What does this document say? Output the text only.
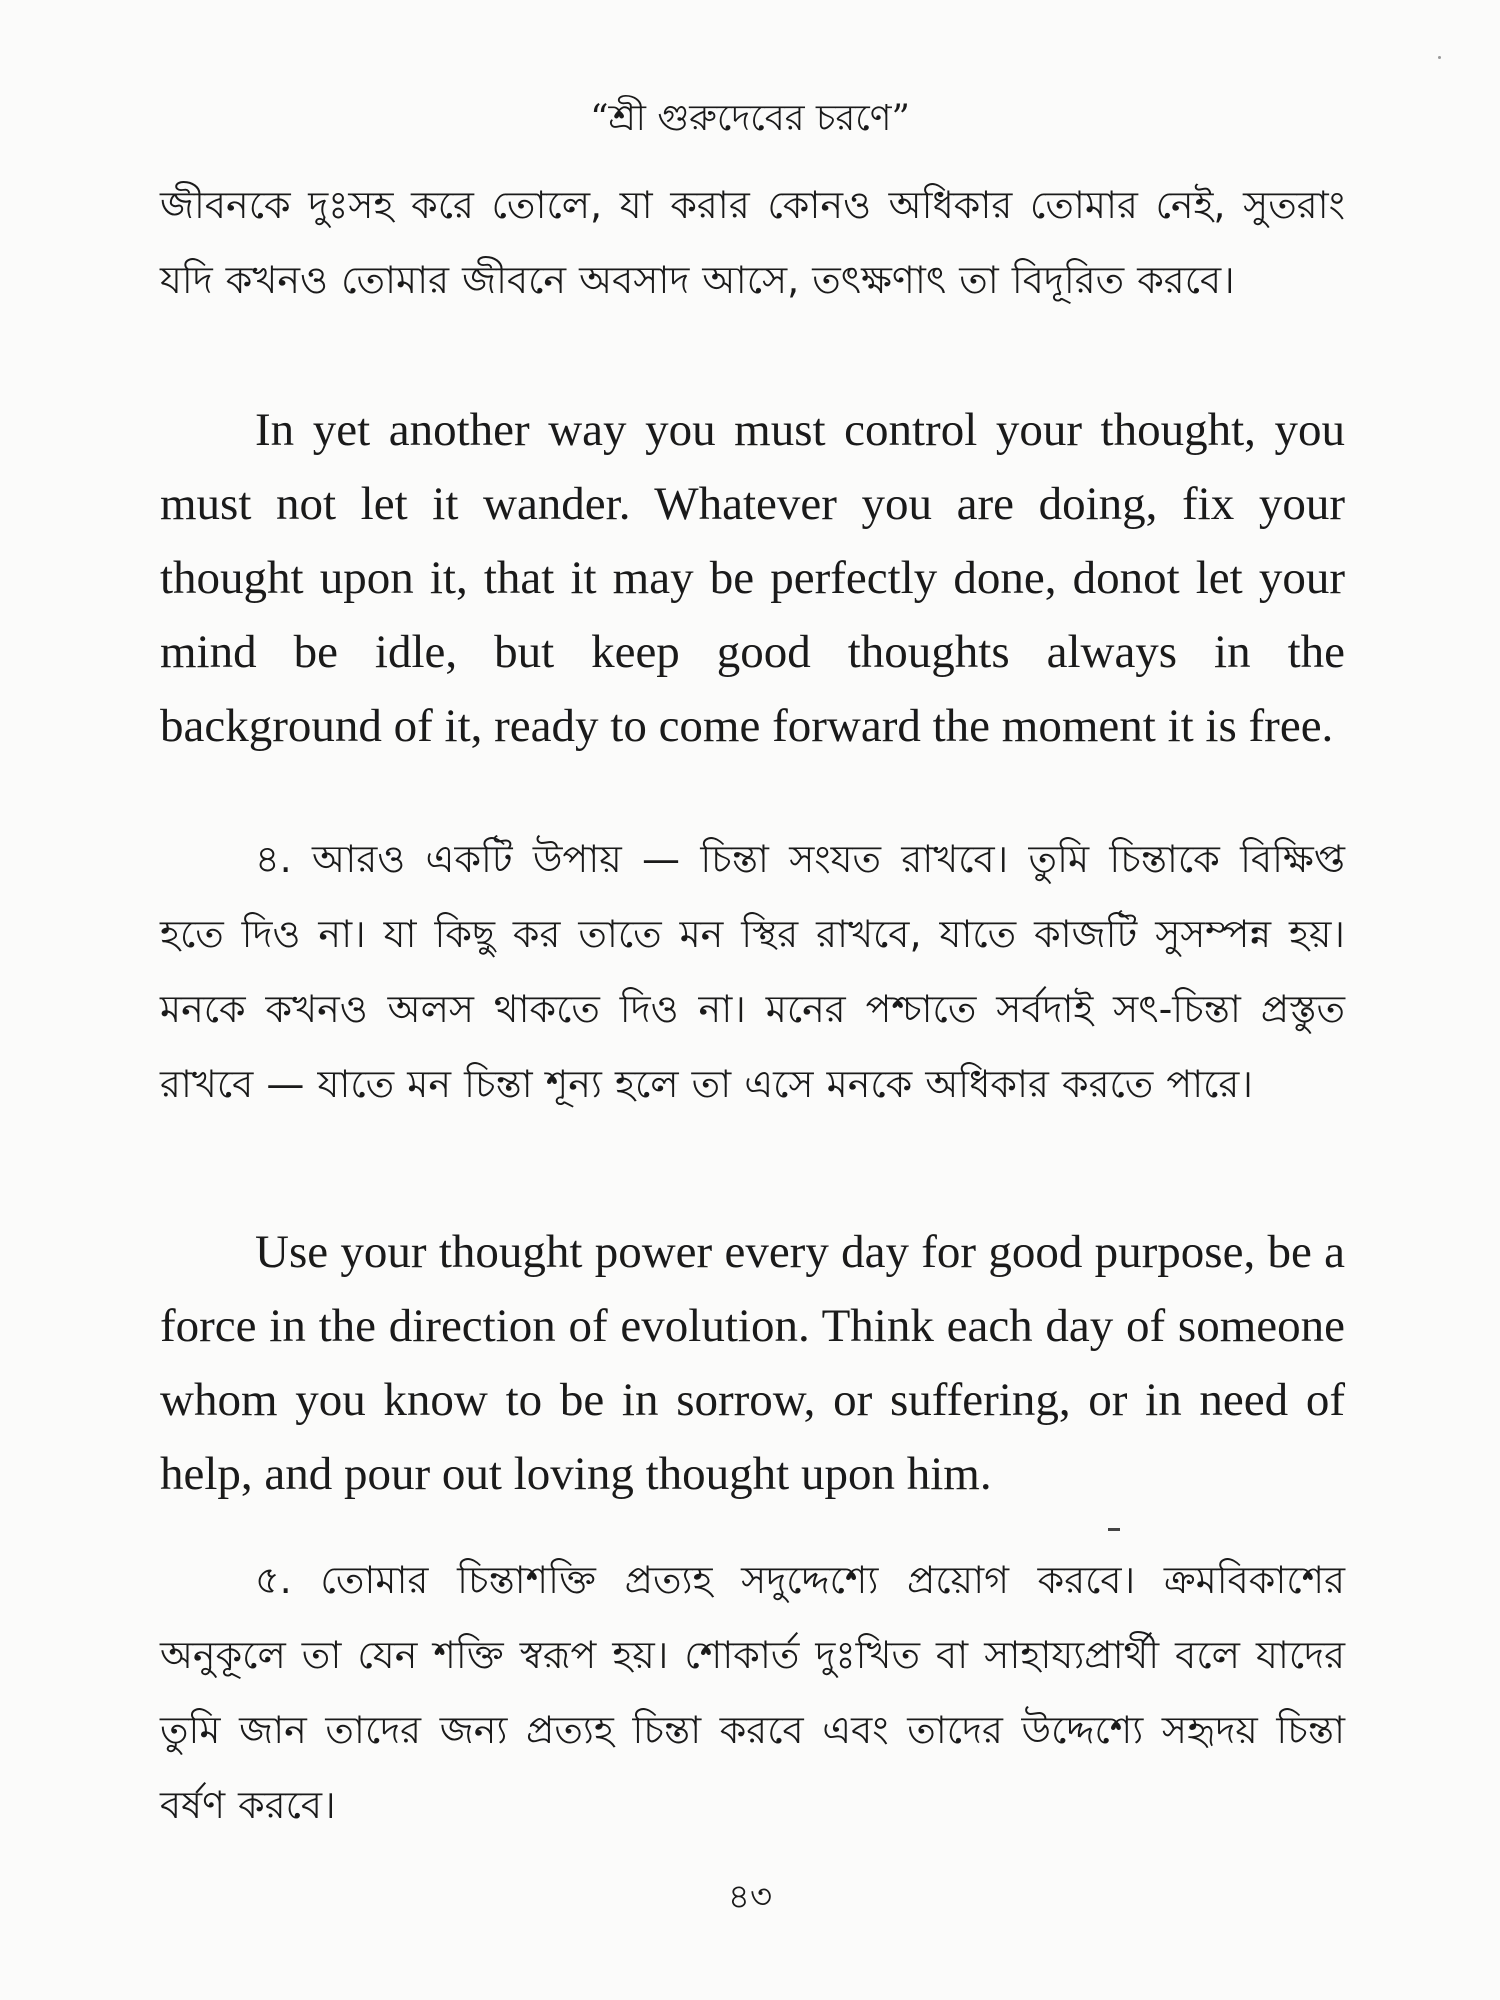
“শ্রী গুরুদেবের চরণে”

জীবনকে দুঃসহ করে তোলে, যা করার কোনও অধিকার তোমার নেই, সুতরাং যদি কখনও তোমার জীবনে অবসাদ আসে, তৎক্ষণাৎ তা বিদূরিত করবে।

In yet another way you must control your thought, you must not let it wander. Whatever you are doing, fix your thought upon it, that it may be perfectly done, donot let your mind be idle, but keep good thoughts always in the background of it, ready to come forward the moment it is free.

৪. আরও একটি উপায় — চিন্তা সংযত রাখবে। তুমি চিন্তাকে বিক্ষিপ্ত হতে দিও না। যা কিছু কর তাতে মন স্থির রাখবে, যাতে কাজটি সুসম্পন্ন হয়। মনকে কখনও অলস থাকতে দিও না। মনের পশ্চাতে সর্বদাই সৎ-চিন্তা প্রস্তুত রাখবে — যাতে মন চিন্তা শূন্য হলে তা এসে মনকে অধিকার করতে পারে।

Use your thought power every day for good purpose, be a force in the direction of evolution. Think each day of someone whom you know to be in sorrow, or suffering, or in need of help, and pour out loving thought upon him.

৫. তোমার চিন্তাশক্তি প্রত্যহ সদুদ্দেশ্যে প্রয়োগ করবে। ক্রমবিকাশের অনুকূলে তা যেন শক্তি স্বরূপ হয়। শোকার্ত দুঃখিত বা সাহায্যপ্রার্থী বলে যাদের তুমি জান তাদের জন্য প্রত্যহ চিন্তা করবে এবং তাদের উদ্দেশ্যে সহৃদয় চিন্তা বর্ষণ করবে।

৪৩
